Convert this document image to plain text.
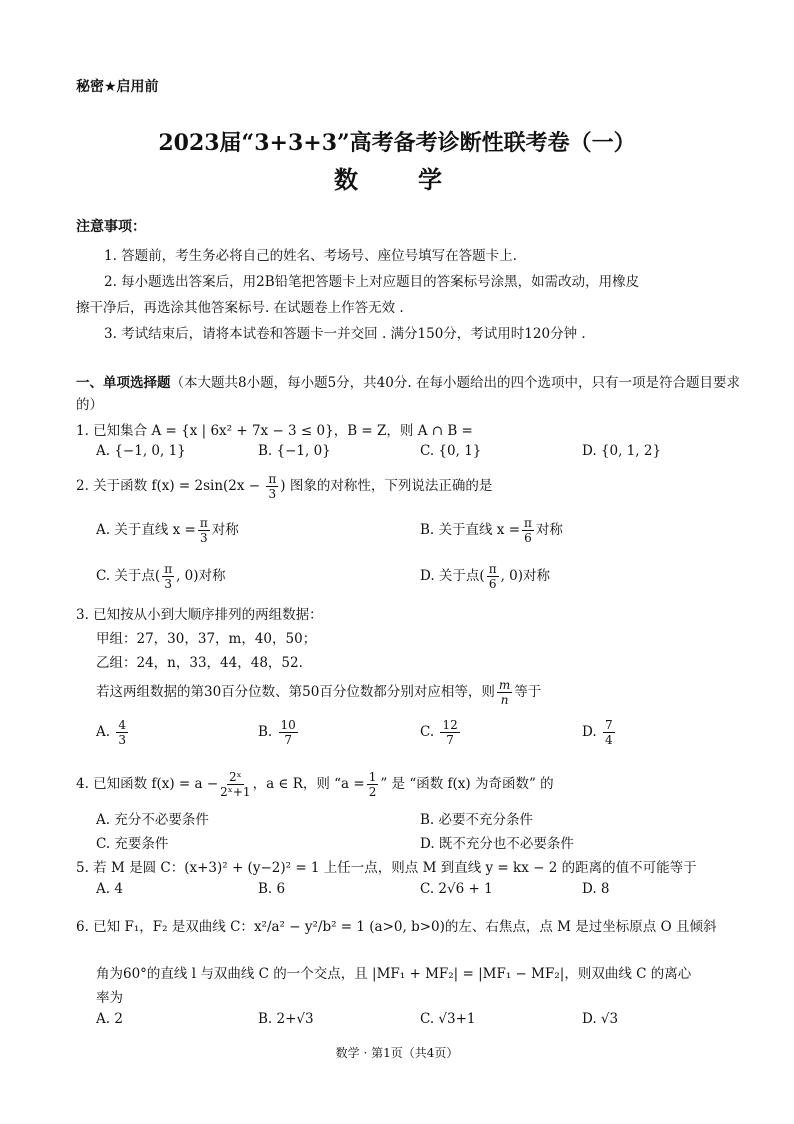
秘密★启用前
2023届“3+3+3”高考备考诊断性联考卷（一）
数　学
注意事项：
1. 答题前，考生务必将自己的姓名、考场号、座位号填写在答题卡上.
2. 每小题选出答案后，用2B铅笔把答题卡上对应题目的答案标号涂黑，如需改动，用橡皮
擦干净后，再选涂其他答案标号. 在试题卷上作答无效 .
3. 考试结束后，请将本试卷和答题卡一并交回 . 满分150分，考试用时120分钟 .
一、单项选择题（本大题共8小题，每小题5分，共40分. 在每小题给出的四个选项中，只有一项是符合题目要求的）
1. 已知集合 A = {x | 6x² + 7x − 3 ≤ 0}，B = Z，则 A ∩ B =
A. {−1, 0, 1}	B. {−1, 0}	C. {0, 1}	D. {0, 1, 2}
2. 关于函数 $f(x) = 2\sin(2x - \frac{\pi}{3}$ ) 图象的对称性，下列说法正确的是
A. 关于直线 $x = \frac{\pi}{3}$ 对称	B. 关于直线 $x = \frac{\pi}{6}$ 对称
C. 关于点( $\frac{\pi}{3}$ , 0)对称	D. 关于点( $\frac{\pi}{6}$ , 0)对称
3. 已知按从小到大顺序排列的两组数据：
甲组：27，30，37，m，40，50；
乙组：24，n，33，44，48，52.
若这两组数据的第30百分位数、第50百分位数都分别对应相等，则 $\frac{m}{n}$ 等于
A. $\frac{4}{3}$	B. $\frac{10}{7}$	C. $\frac{12}{7}$	D. $\frac{7}{4}$
4. 已知函数 $f(x) = a - \frac{\text{2ˣ}}{\text{2ˣ+1}}$ ，a ∈ R，则 “$a = \frac{1}{2}$ ” 是 “函数 f(x) 为奇函数” 的
A. 充分不必要条件	B. 必要不充分条件
C. 充要条件	D. 既不充分也不必要条件
5. 若 M 是圆 C：(x+3)² + (y−2)² = 1 上任一点，则点 M 到直线 y = kx − 2 的距离的值不可能等于
A. 4	B. 6	C. 2√6 + 1	D. 8
6. 已知 F₁，F₂ 是双曲线 C：x²/a² − y²/b² = 1 (a>0, b>0)的左、右焦点，点 M 是过坐标原点 O 且倾斜
角为60°的直线 l 与双曲线 C 的一个交点，且 |MF₁ + MF₂| = |MF₁ − MF₂|，则双曲线 C 的离心
率为
A. 2	B. 2+√3	C. √3+1	D. √3
数学 · 第1页（共4页）
